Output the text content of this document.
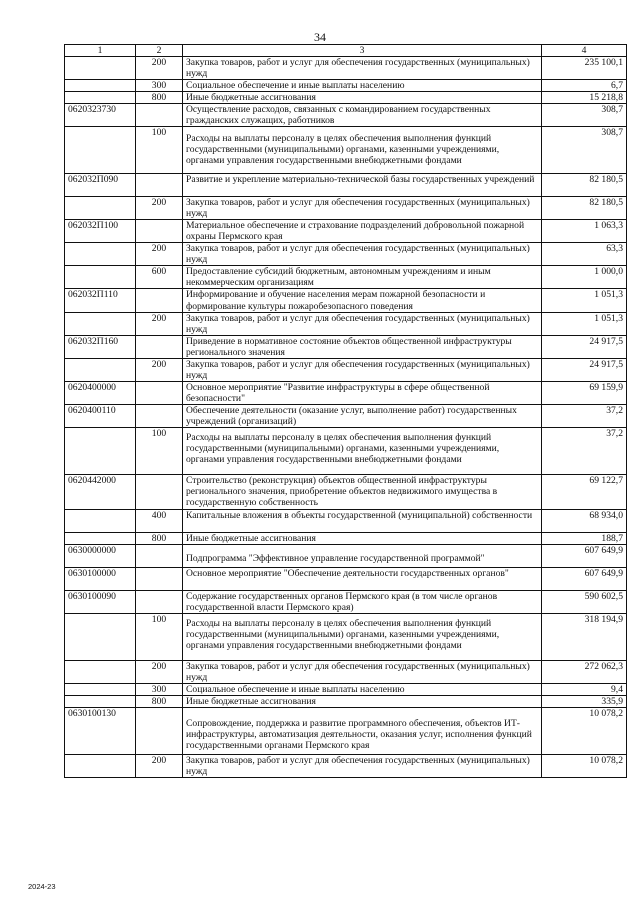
34
1	2	3	4
	200	Закупка товаров, работ и услуг для обеспечения государственных (муниципальных) нужд	235 100,1
	300	Социальное обеспечение и иные выплаты населению	6,7
	800	Иные бюджетные ассигнования	15 218,8
0620323730		Осуществление расходов, связанных с командированием государственных гражданских служащих, работников	308,7
	100	Расходы на выплаты персоналу в целях обеспечения выполнения функций государственными (муниципальными) органами, казенными учреждениями, органами управления государственными внебюджетными фондами	308,7
062032П090		Развитие и укрепление материально-технической базы государственных учреждений	82 180,5
	200	Закупка товаров, работ и услуг для обеспечения государственных (муниципальных) нужд	82 180,5
062032П100		Материальное обеспечение и страхование подразделений добровольной пожарной охраны Пермского края	1 063,3
	200	Закупка товаров, работ и услуг для обеспечения государственных (муниципальных) нужд	63,3
	600	Предоставление субсидий бюджетным, автономным учреждениям и иным некоммерческим организациям	1 000,0
062032П110		Информирование и обучение населения мерам пожарной безопасности и формирование культуры пожаробезопасного поведения	1 051,3
	200	Закупка товаров, работ и услуг для обеспечения государственных (муниципальных) нужд	1 051,3
062032П160		Приведение в нормативное состояние объектов общественной инфраструктуры регионального значения	24 917,5
	200	Закупка товаров, работ и услуг для обеспечения государственных (муниципальных) нужд	24 917,5
0620400000		Основное мероприятие "Развитие инфраструктуры в сфере общественной безопасности"	69 159,9
0620400110		Обеспечение деятельности (оказание услуг, выполнение работ) государственных учреждений (организаций)	37,2
	100	Расходы на выплаты персоналу в целях обеспечения выполнения функций государственными (муниципальными) органами, казенными учреждениями, органами управления государственными внебюджетными фондами	37,2
0620442000		Строительство (реконструкция) объектов общественной инфраструктуры регионального значения, приобретение объектов недвижимого имущества в государственную собственность	69 122,7
	400	Капитальные вложения в объекты государственной (муниципальной) собственности	68 934,0
	800	Иные бюджетные ассигнования	188,7
0630000000		Подпрограмма "Эффективное управление государственной программой"	607 649,9
0630100000		Основное мероприятие "Обеспечение деятельности государственных органов"	607 649,9
0630100090		Содержание государственных органов Пермского края (в том числе органов государственной власти Пермского края)	590 602,5
	100	Расходы на выплаты персоналу в целях обеспечения выполнения функций государственными (муниципальными) органами, казенными учреждениями, органами управления государственными внебюджетными фондами	318 194,9
	200	Закупка товаров, работ и услуг для обеспечения государственных (муниципальных) нужд	272 062,3
	300	Социальное обеспечение и иные выплаты населению	9,4
	800	Иные бюджетные ассигнования	335,9
0630100130		Сопровождение, поддержка и развитие программного обеспечения, объектов ИТ-инфраструктуры, автоматизация деятельности, оказания услуг, исполнения функций государственными органами Пермского края	10 078,2
	200	Закупка товаров, работ и услуг для обеспечения государственных (муниципальных) нужд	10 078,2
2024-23
